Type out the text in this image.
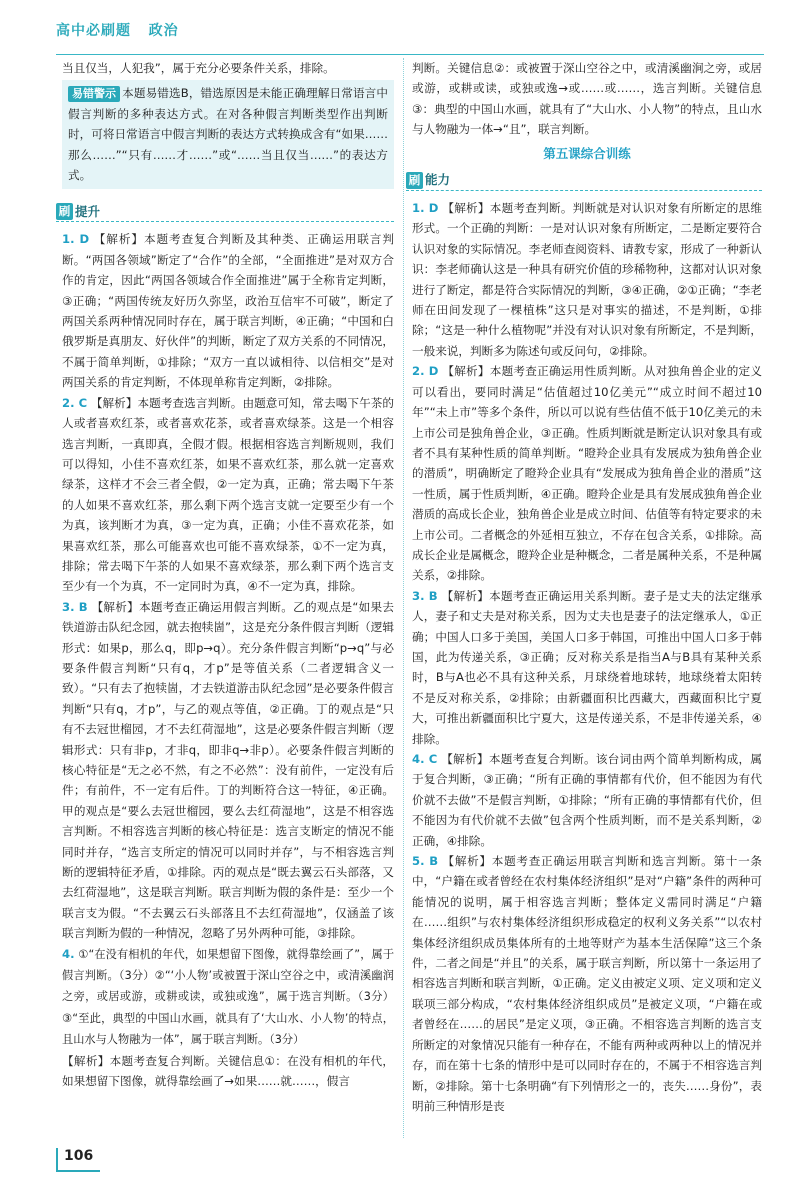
高中必刷题   政治

当且仅当，人犯我”，属于充分必要条件关系，排除。

易错警示 本题易错选B，错选原因是未能正确理解日常语言中假言判断的多种表达方式。在对各种假言判断类型作出判断时，可将日常语言中假言判断的表达方式转换成含有“如果……那么……”“只有……才……”或“……当且仅当……”的表达方式。
刷 提升

1. D 【解析】本题考查复合判断及其种类、正确运用联言判断。“两国各领域”断定了“合作”的全部，“全面推进”是对双方合作的肯定，因此“两国各领域合作全面推进”属于全称肯定判断，③正确；“两国传统友好历久弥坚，政治互信牢不可破”，断定了两国关系两种情况同时存在，属于联言判断，④正确；“中国和白俄罗斯是真朋友、好伙伴”的判断，断定了双方关系的不同情况，不属于简单判断，①排除；“双方一直以诚相待、以信相交”是对两国关系的肯定判断，不体现单称肯定判断，②排除。

2. C 【解析】本题考查选言判断。由题意可知，常去喝下午茶的人或者喜欢红茶，或者喜欢花茶，或者喜欢绿茶。这是一个相容选言判断，一真即真，全假才假。根据相容选言判断规则，我们可以得知，小佳不喜欢红茶，如果不喜欢红茶，那么就一定喜欢绿茶，这样才不会三者全假，②一定为真，正确；常去喝下午茶的人如果不喜欢红茶，那么剩下两个选言支就一定要至少有一个为真，该判断才为真，③一定为真，正确；小佳不喜欢花茶，如果喜欢红茶，那么可能喜欢也可能不喜欢绿茶，①不一定为真，排除；常去喝下午茶的人如果不喜欢绿茶，那么剩下两个选言支至少有一个为真，不一定同时为真，④不一定为真，排除。

3. B 【解析】本题考查正确运用假言判断。乙的观点是“如果去铁道游击队纪念园，就去抱犊崮”，这是充分条件假言判断（逻辑形式：如果p，那么q，即p→q）。充分条件假言判断“p→q”与必要条件假言判断“只有q，才p”是等值关系（二者逻辑含义一致）。“只有去了抱犊崮，才去铁道游击队纪念园”是必要条件假言判断“只有q，才p”，与乙的观点等值，②正确。丁的观点是“只有不去冠世榴园，才不去红荷湿地”，这是必要条件假言判断（逻辑形式：只有非p，才非q，即非q→非p）。必要条件假言判断的核心特征是“无之必不然，有之不必然”：没有前件，一定没有后件；有前件，不一定有后件。丁的判断符合这一特征，④正确。甲的观点是“要么去冠世榴园，要么去红荷湿地”，这是不相容选言判断。不相容选言判断的核心特征是：选言支断定的情况不能同时并存，“选言支所定的情况可以同时并存”，与不相容选言判断的逻辑特征矛盾，①排除。丙的观点是“既去翼云石头部落，又去红荷湿地”，这是联言判断。联言判断为假的条件是：至少一个联言支为假。“不去翼云石头部落且不去红荷湿地”，仅涵盖了该联言判断为假的一种情况，忽略了另外两种可能，③排除。

4. ①“在没有相机的年代，如果想留下图像，就得靠绘画了”，属于假言判断。（3分）②“‘小人物’或被置于深山空谷之中，或清溪幽润之旁，或居或游，或耕或读，或独或逸”，属于选言判断。（3分）③“至此，典型的中国山水画，就具有了‘大山水、小人物’的特点，且山水与人物融为一体”，属于联言判断。（3分）

【解析】本题考查复合判断。关键信息①：在没有相机的年代，如果想留下图像，就得靠绘画了→如果……就……，假言

判断。关键信息②：或被置于深山空谷之中，或清溪幽涧之旁，或居或游，或耕或读，或独或逸→或……或……，选言判断。关键信息③：典型的中国山水画，就具有了“大山水、小人物”的特点，且山水与人物融为一体→“且”，联言判断。

第五课综合训练
刷 能力

1. D 【解析】本题考查判断。判断就是对认识对象有所断定的思维形式。一个正确的判断：一是对认识对象有所断定，二是断定要符合认识对象的实际情况。李老师查阅资料、请教专家，形成了一种新认识：李老师确认这是一种具有研究价值的珍稀物种，这都对认识对象进行了断定，都是符合实际情况的判断，③④正确，②①正确；“李老师在田间发现了一棵植株”这只是对事实的描述，不是判断，①排除；“这是一种什么植物呢”并没有对认识对象有所断定，不是判断，一般来说，判断多为陈述句或反问句，②排除。

2. D 【解析】本题考查正确运用性质判断。从对独角兽企业的定义可以看出，要同时满足“估值超过10亿美元”“成立时间不超过10年”“未上市”等多个条件，所以可以说有些估值不低于10亿美元的未上市公司是独角兽企业，③正确。性质判断就是断定认识对象具有或者不具有某种性质的简单判断。“瞪羚企业具有发展成为独角兽企业的潜质”，明确断定了瞪羚企业具有“发展成为独角兽企业的潜质”这一性质，属于性质判断，④正确。瞪羚企业是具有发展成独角兽企业潜质的高成长企业，独角兽企业是成立时间、估值等有特定要求的未上市公司。二者概念的外延相互独立，不存在包含关系，①排除。高成长企业是属概念，瞪羚企业是种概念，二者是属种关系，不是种属关系，②排除。

3. B 【解析】本题考查正确运用关系判断。妻子是丈夫的法定继承人，妻子和丈夫是对称关系，因为丈夫也是妻子的法定继承人，①正确；中国人口多于美国，美国人口多于韩国，可推出中国人口多于韩国，此为传递关系，③正确；反对称关系是指当A与B具有某种关系时，B与A也必不具有这种关系，月球绕着地球转，地球绕着太阳转不是反对称关系，②排除；由新疆面积比西藏大，西藏面积比宁夏大，可推出新疆面积比宁夏大，这是传递关系，不是非传递关系，④排除。

4. C 【解析】本题考查复合判断。该台词由两个简单判断构成，属于复合判断，③正确；“所有正确的事情都有代价，但不能因为有代价就不去做”不是假言判断，①排除；“所有正确的事情都有代价，但不能因为有代价就不去做”包含两个性质判断，而不是关系判断，②正确，④排除。

5. B 【解析】本题考查正确运用联言判断和选言判断。第十一条中，“户籍在或者曾经在农村集体经济组织”是对“户籍”条件的两种可能情况的说明，属于相容选言判断；整体定义需同时满足“户籍在……组织”与农村集体经济组织形成稳定的权利义务关系”“以农村集体经济组织成员集体所有的土地等财产为基本生活保障”这三个条件，二者之间是“并且”的关系，属于联言判断，所以第十一条运用了相容选言判断和联言判断，①正确。定义由被定义项、定义项和定义联项三部分构成，“农村集体经济组织成员”是被定义项，“户籍在或者曾经在……的居民”是定义项，③正确。不相容选言判断的选言支所断定的对象情况只能有一种存在，不能有两种或两种以上的情况并存，而在第十七条的情形中是可以同时存在的，不属于不相容选言判断，②排除。第十七条明确“有下列情形之一的，丧失……身份”，表明前三种情形是丧

106
